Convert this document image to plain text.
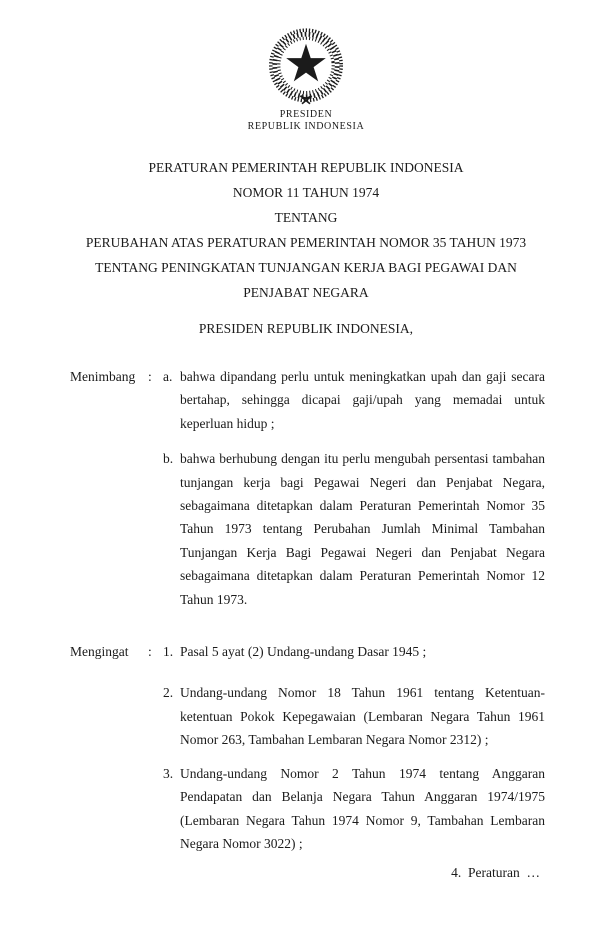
PRESIDEN
REPUBLIK INDONESIA
PERATURAN PEMERINTAH REPUBLIK INDONESIA
NOMOR 11 TAHUN 1974
TENTANG
PERUBAHAN ATAS PERATURAN PEMERINTAH NOMOR 35 TAHUN 1973
TENTANG PENINGKATAN TUNJANGAN KERJA BAGI PEGAWAI DAN
PENJABAT NEGARA
PRESIDEN REPUBLIK INDONESIA,
Menimbang : a. bahwa dipandang perlu untuk meningkatkan upah dan gaji secara bertahap, sehingga dicapai gaji/upah yang memadai untuk keperluan hidup ;
b. bahwa berhubung dengan itu perlu mengubah persentasi tambahan tunjangan kerja bagi Pegawai Negeri dan Penjabat Negara, sebagaimana ditetapkan dalam Peraturan Pemerintah Nomor 35 Tahun 1973 tentang Perubahan Jumlah Minimal Tambahan Tunjangan Kerja Bagi Pegawai Negeri dan Penjabat Negara sebagaimana ditetapkan dalam Peraturan Pemerintah Nomor 12 Tahun 1973.
Mengingat	: 1. Pasal 5 ayat (2) Undang-undang Dasar 1945 ;
2. Undang-undang Nomor 18 Tahun 1961 tentang Ketentuan-ketentuan Pokok Kepegawaian (Lembaran Negara Tahun 1961 Nomor 263, Tambahan Lembaran Negara Nomor 2312) ;
3. Undang-undang Nomor 2 Tahun 1974 tentang Anggaran Pendapatan dan Belanja Negara Tahun Anggaran 1974/1975 (Lembaran Negara Tahun 1974 Nomor 9, Tambahan Lembaran Negara Nomor 3022) ;
4.  Peraturan  …
